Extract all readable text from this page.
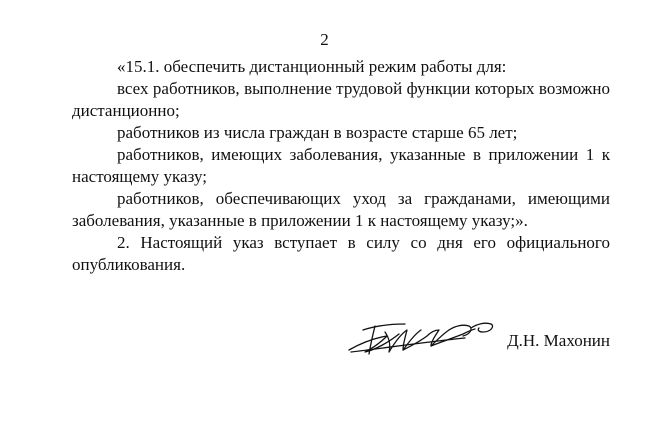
2

«15.1. обеспечить дистанционный режим работы для:

всех работников, выполнение трудовой функции которых возможно дистанционно;

работников из числа граждан в возрасте старше 65 лет;

работников, имеющих заболевания, указанные в приложении 1 к настоящему указу;

работников, обеспечивающих уход за гражданами, имеющими заболевания, указанные в приложении 1 к настоящему указу;».

2. Настоящий указ вступает в силу со дня его официального опубликования.

Д.Н. Махонин
